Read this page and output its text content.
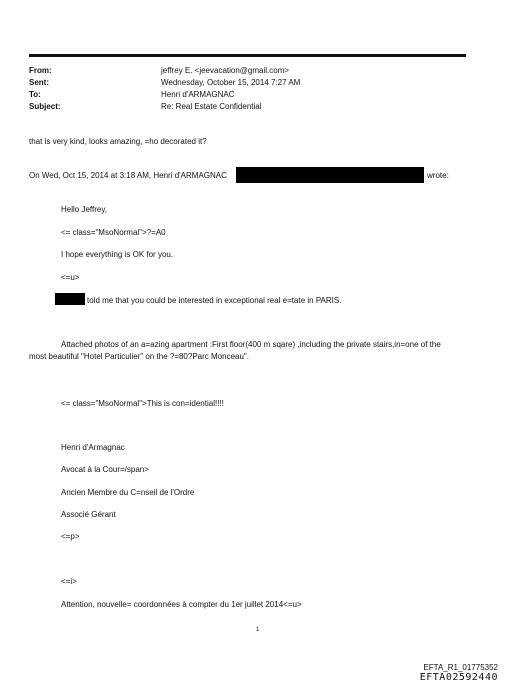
From:	jeffrey E. <jeevacation@gmail.com>
Sent:	Wednesday, October 15, 2014 7:27 AM
To:	Henri d'ARMAGNAC
Subject:	Re: Real Estate Confidential
that is very kind, looks amazing, =ho decorated it?
On Wed, Oct 15, 2014 at 3:18 AM, Henri d'ARMAGNAC	wrote:
Hello Jeffrey,
<= class="MsoNormal">?=A0
I hope everything is OK for you.
<=u>
told me that you could be interested in exceptional real e=tate in PARIS.
Attached photos of an a=azing apartment :First floor(400 m sqare) ,including the private stairs,in=one of the
most beautiful "Hotel Particulier" on the ?=80?Parc Monceau".
<= class="MsoNormal">This is con=idential!!!!
Henri d'Armagnac
Avocat à la Cour=/span>
Ancien Membre du C=nseil de l'Ordre
Associé Gérant
<=p>
<=i>
Attention, nouvelle= coordonnées à compter du 1er juillet 2014<=u>
1
EFTA_R1_01775352
EFTA02592440
